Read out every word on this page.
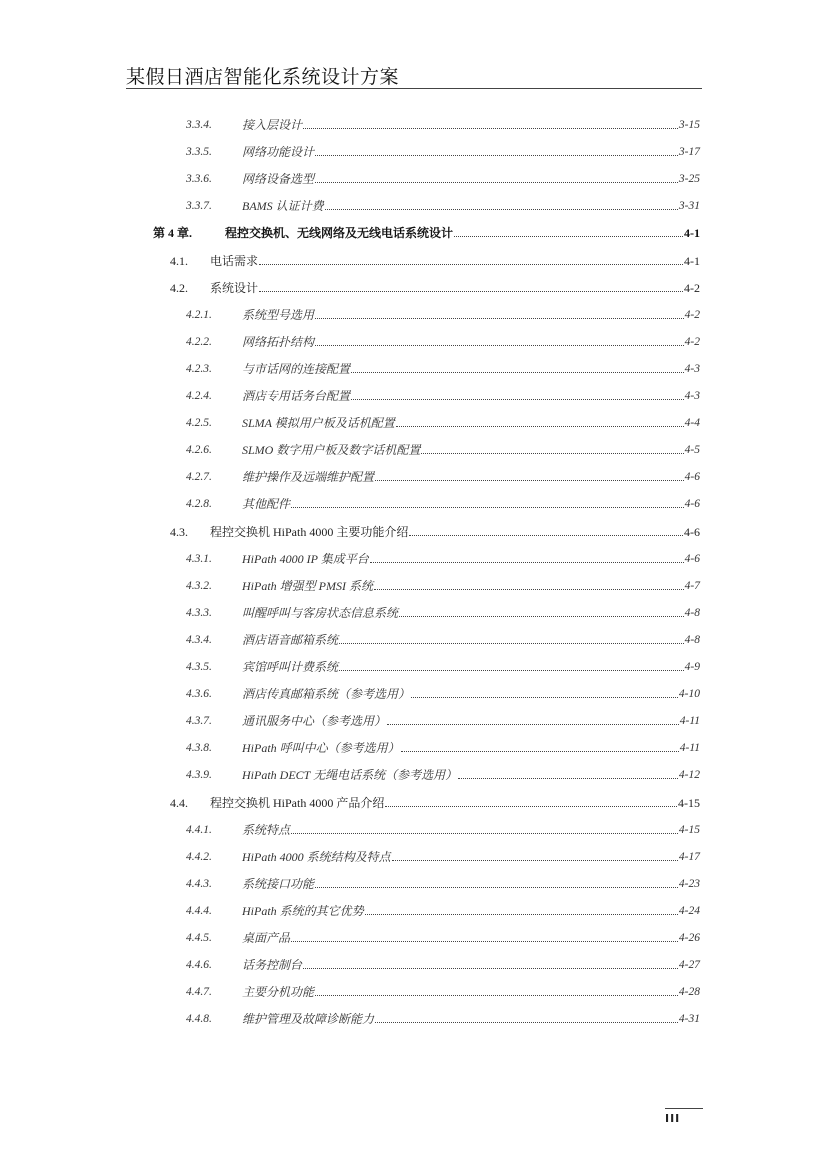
某假日酒店智能化系统设计方案
3.3.4.	接入层设计	3-15
3.3.5.	网络功能设计	3-17
3.3.6.	网络设备选型	3-25
3.3.7.	BAMS 认证计费	3-31
第 4 章.	程控交换机、无线网络及无线电话系统设计	4-1
4.1.	电话需求	4-1
4.2.	系统设计	4-2
4.2.1.	系统型号选用	4-2
4.2.2.	网络拓扑结构	4-2
4.2.3.	与市话网的连接配置	4-3
4.2.4.	酒店专用话务台配置	4-3
4.2.5.	SLMA 模拟用户板及话机配置	4-4
4.2.6.	SLMO 数字用户板及数字话机配置	4-5
4.2.7.	维护操作及远端维护配置	4-6
4.2.8.	其他配件	4-6
4.3.	程控交换机 HiPath 4000 主要功能介绍	4-6
4.3.1.	HiPath 4000 IP 集成平台	4-6
4.3.2.	HiPath 增强型 PMSI 系统	4-7
4.3.3.	叫醒呼叫与客房状态信息系统	4-8
4.3.4.	酒店语音邮箱系统	4-8
4.3.5.	宾馆呼叫计费系统	4-9
4.3.6.	酒店传真邮箱系统（参考选用）	4-10
4.3.7.	通讯服务中心（参考选用）	4-11
4.3.8.	HiPath 呼叫中心（参考选用）	4-11
4.3.9.	HiPath DECT 无绳电话系统（参考选用）	4-12
4.4.	程控交换机 HiPath 4000 产品介绍	4-15
4.4.1.	系统特点	4-15
4.4.2.	HiPath 4000 系统结构及特点	4-17
4.4.3.	系统接口功能	4-23
4.4.4.	HiPath 系统的其它优势	4-24
4.4.5.	桌面产品	4-26
4.4.6.	话务控制台	4-27
4.4.7.	主要分机功能	4-28
4.4.8.	维护管理及故障诊断能力	4-31
III
